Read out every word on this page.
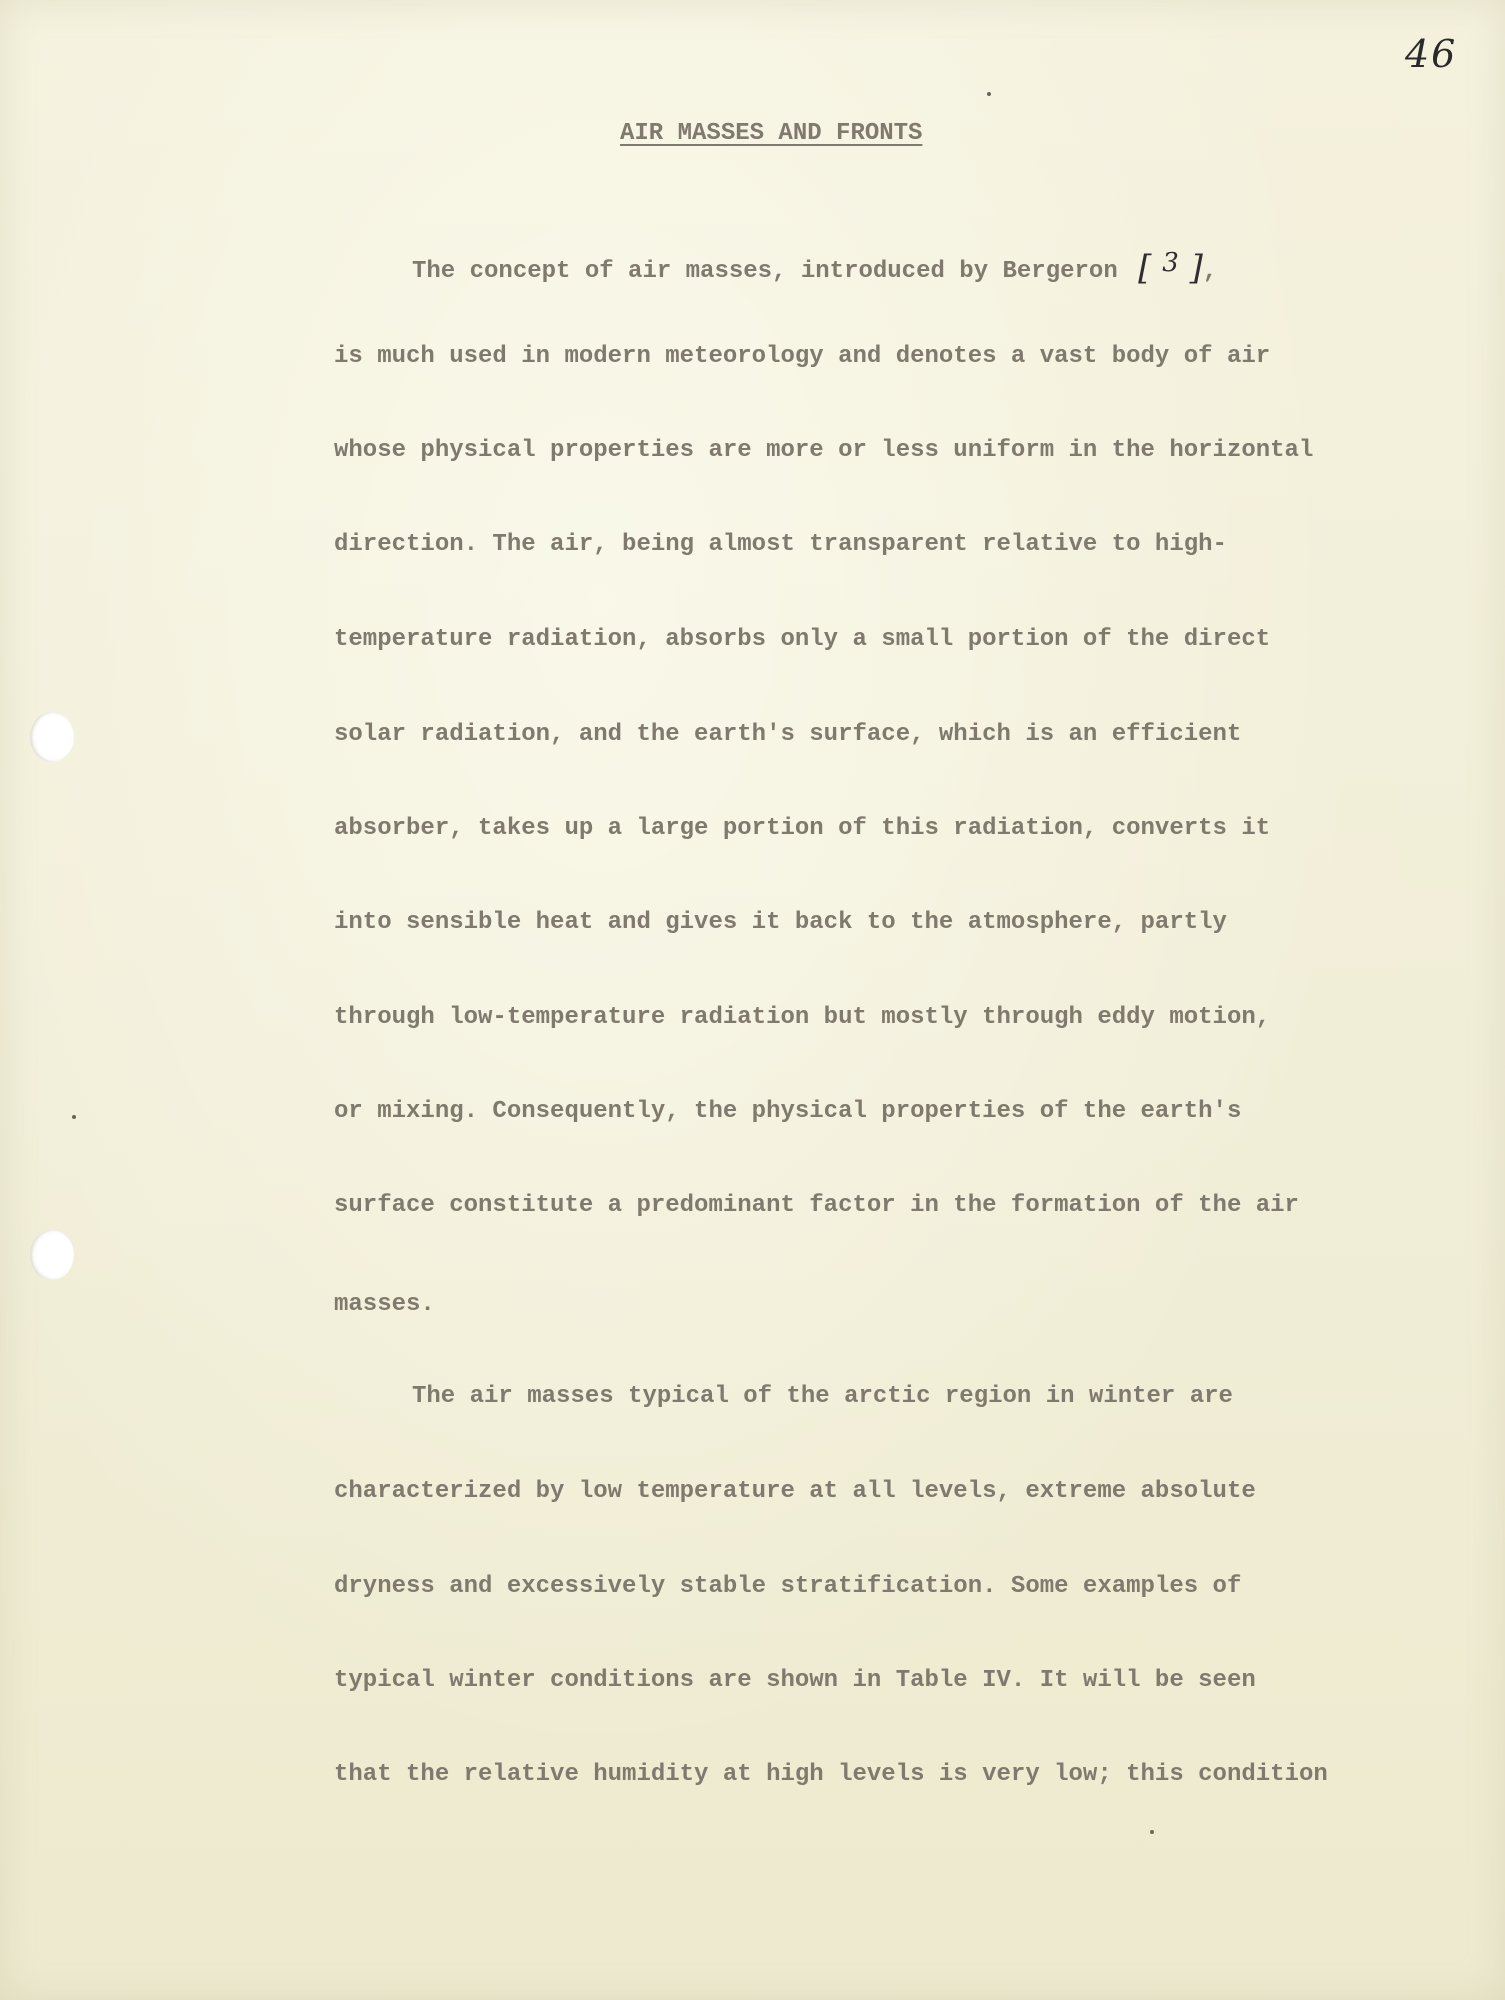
46
AIR MASSES AND FRONTS
The concept of air masses, introduced by Bergeron [ $^3$ ],
is much used in modern meteorology and denotes a vast body of air
whose physical properties are more or less uniform in the horizontal
direction. The air, being almost transparent relative to high-
temperature radiation, absorbs only a small portion of the direct
solar radiation, and the earth's surface, which is an efficient
absorber, takes up a large portion of this radiation, converts it
into sensible heat and gives it back to the atmosphere, partly
through low-temperature radiation but mostly through eddy motion,
or mixing. Consequently, the physical properties of the earth's
surface constitute a predominant factor in the formation of the air
masses.
The air masses typical of the arctic region in winter are
characterized by low temperature at all levels, extreme absolute
dryness and excessively stable stratification. Some examples of
typical winter conditions are shown in Table IV. It will be seen
that the relative humidity at high levels is very low; this condition
